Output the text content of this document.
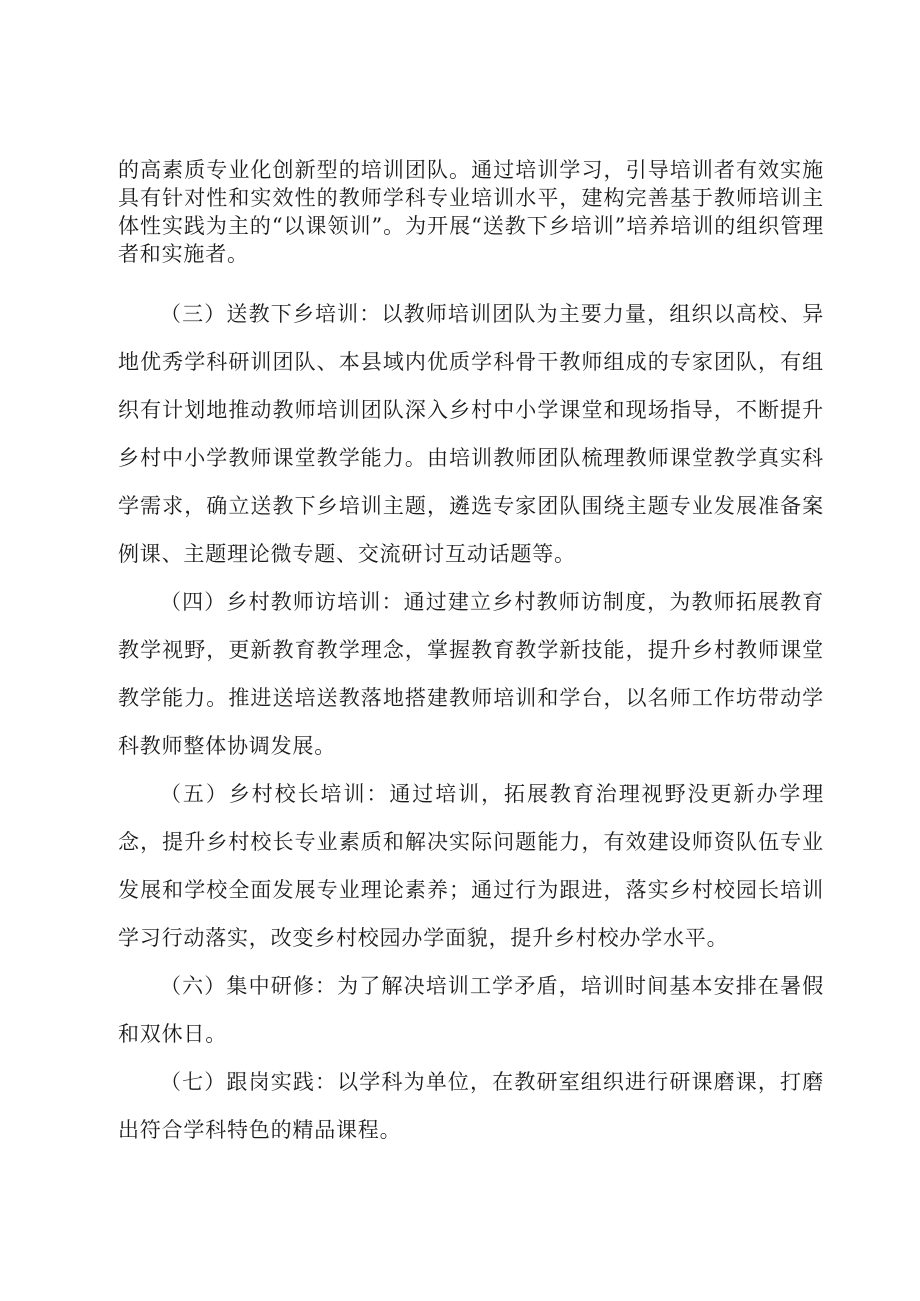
的高素质专业化创新型的培训团队。通过培训学习，引导培训者有效实施具有针对性和实效性的教师学科专业培训水平，建构完善基于教师培训主体性实践为主的“以课领训”。为开展“送教下乡培训”培养培训的组织管理者和实施者。

（三）送教下乡培训：以教师培训团队为主要力量，组织以高校、异地优秀学科研训团队、本县域内优质学科骨干教师组成的专家团队，有组织有计划地推动教师培训团队深入乡村中小学课堂和现场指导，不断提升乡村中小学教师课堂教学能力。由培训教师团队梳理教师课堂教学真实科学需求，确立送教下乡培训主题，遴选专家团队围绕主题专业发展准备案例课、主题理论微专题、交流研讨互动话题等。

（四）乡村教师访培训：通过建立乡村教师访制度，为教师拓展教育教学视野，更新教育教学理念，掌握教育教学新技能，提升乡村教师课堂教学能力。推进送培送教落地搭建教师培训和学台，以名师工作坊带动学科教师整体协调发展。

（五）乡村校长培训：通过培训，拓展教育治理视野没更新办学理念，提升乡村校长专业素质和解决实际问题能力，有效建设师资队伍专业发展和学校全面发展专业理论素养；通过行为跟进，落实乡村校园长培训学习行动落实，改变乡村校园办学面貌，提升乡村校办学水平。

（六）集中研修：为了解决培训工学矛盾，培训时间基本安排在暑假和双休日。

（七）跟岗实践：以学科为单位，在教研室组织进行研课磨课，打磨出符合学科特色的精品课程。
